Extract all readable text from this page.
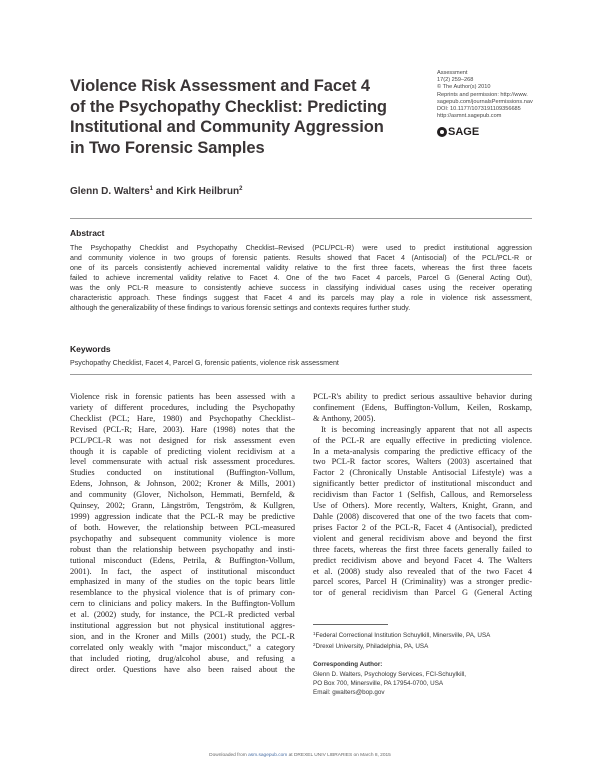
Violence Risk Assessment and Facet 4
of the Psychopathy Checklist: Predicting
Institutional and Community Aggression
in Two Forensic Samples
Assessment
17(2) 259–268
© The Author(s) 2010
Reprints and permission: http://www.
sagepub.com/journalsPermissions.nav
DOI: 10.1177/1073191109356685
http://asmnt.sagepub.com
SAGE
Glenn D. Walters$^1$ and Kirk Heilbrun$^2$
Abstract
The Psychopathy Checklist and Psychopathy Checklist–Revised (PCL/PCL-R) were used to predict institutional aggression
and community violence in two groups of forensic patients. Results showed that Facet 4 (Antisocial) of the PCL/PCL-R or
one of its parcels consistently achieved incremental validity relative to the first three facets, whereas the first three facets
failed to achieve incremental validity relative to Facet 4. One of the two Facet 4 parcels, Parcel G (General Acting Out),
was the only PCL-R measure to consistently achieve success in classifying individual cases using the receiver operating
characteristic approach. These findings suggest that Facet 4 and its parcels may play a role in violence risk assessment,
although the generalizability of these findings to various forensic settings and contexts requires further study.
Keywords
Psychopathy Checklist, Facet 4, Parcel G, forensic patients, violence risk assessment
Violence risk in forensic patients has been assessed with a
variety of different procedures, including the Psychopathy
Checklist (PCL; Hare, 1980) and Psychopathy Checklist–
Revised (PCL-R; Hare, 2003). Hare (1998) notes that the
PCL/PCL-R was not designed for risk assessment even
though it is capable of predicting violent recidivism at a
level commensurate with actual risk assessment procedures.
Studies conducted on institutional (Buffington-Vollum,
Edens, Johnson, & Johnson, 2002; Kroner & Mills, 2001)
and community (Glover, Nicholson, Hemmati, Bernfeld, &
Quinsey, 2002; Grann, Längström, Tengström, & Kullgren,
1999) aggression indicate that the PCL-R may be predictive
of both. However, the relationship between PCL-measured
psychopathy and subsequent community violence is more
robust than the relationship between psychopathy and insti-
tutional misconduct (Edens, Petrila, & Buffington-Vollum,
2001). In fact, the aspect of institutional misconduct
emphasized in many of the studies on the topic bears little
resemblance to the physical violence that is of primary con-
cern to clinicians and policy makers. In the Buffington-Vollum
et al. (2002) study, for instance, the PCL-R predicted verbal
institutional aggression but not physical institutional aggres-
sion, and in the Kroner and Mills (2001) study, the PCL-R
correlated only weakly with "major misconduct," a category
that included rioting, drug/alcohol abuse, and refusing a
direct order. Questions have also been raised about the
PCL-R's ability to predict serious assaultive behavior during
confinement (Edens, Buffington-Vollum, Keilen, Roskamp,
& Anthony, 2005).
It is becoming increasingly apparent that not all aspects
of the PCL-R are equally effective in predicting violence.
In a meta-analysis comparing the predictive efficacy of the
two PCL-R factor scores, Walters (2003) ascertained that
Factor 2 (Chronically Unstable Antisocial Lifestyle) was a
significantly better predictor of institutional misconduct and
recidivism than Factor 1 (Selfish, Callous, and Remorseless
Use of Others). More recently, Walters, Knight, Grann, and
Dahle (2008) discovered that one of the two facets that com-
prises Factor 2 of the PCL-R, Facet 4 (Antisocial), predicted
violent and general recidivism above and beyond the first
three facets, whereas the first three facets generally failed to
predict recidivism above and beyond Facet 4. The Walters
et al. (2008) study also revealed that of the two Facet 4
parcel scores, Parcel H (Criminality) was a stronger predic-
tor of general recidivism than Parcel G (General Acting
$^1$Federal Correctional Institution Schuylkill, Minersville, PA, USA
$^2$Drexel University, Philadelphia, PA, USA
Corresponding Author:
Glenn D. Walters, Psychology Services, FCI-Schuylkill,
PO Box 700, Minersville, PA 17954-0700, USA
Email: gwalters@bop.gov
Downloaded from asm.sagepub.com at DREXEL UNIV LIBRARIES on March 8, 2015
